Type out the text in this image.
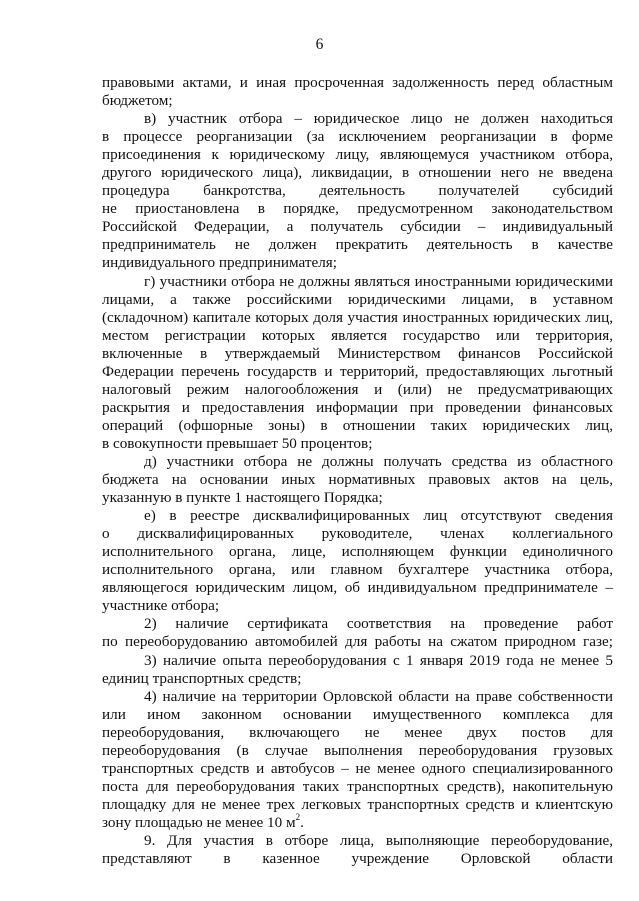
6
правовыми актами, и иная просроченная задолженность перед областным
бюджетом;
в) участник отбора – юридическое лицо не должен находиться
в процессе реорганизации (за исключением реорганизации в форме
присоединения к юридическому лицу, являющемуся участником отбора,
другого юридического лица), ликвидации, в отношении него не введена
процедура банкротства, деятельность получателей субсидий
не приостановлена в порядке, предусмотренном законодательством
Российской Федерации, а получатель субсидии – индивидуальный
предприниматель не должен прекратить деятельность в качестве
индивидуального предпринимателя;
г) участники отбора не должны являться иностранными юридическими
лицами, а также российскими юридическими лицами, в уставном
(складочном) капитале которых доля участия иностранных юридических лиц,
местом регистрации которых является государство или территория,
включенные в утверждаемый Министерством финансов Российской
Федерации перечень государств и территорий, предоставляющих льготный
налоговый режим налогообложения и (или) не предусматривающих
раскрытия и предоставления информации при проведении финансовых
операций (офшорные зоны) в отношении таких юридических лиц,
в совокупности превышает 50 процентов;
д) участники отбора не должны получать средства из областного
бюджета на основании иных нормативных правовых актов на цель,
указанную в пункте 1 настоящего Порядка;
е) в реестре дисквалифицированных лиц отсутствуют сведения
о дисквалифицированных руководителе, членах коллегиального
исполнительного органа, лице, исполняющем функции единоличного
исполнительного органа, или главном бухгалтере участника отбора,
являющегося юридическим лицом, об индивидуальном предпринимателе –
участнике отбора;
2) наличие сертификата соответствия на проведение работ
по переоборудованию автомобилей для работы на сжатом природном газе;
3) наличие опыта переоборудования с 1 января 2019 года не менее 5
единиц транспортных средств;
4) наличие на территории Орловской области на праве собственности
или ином законном основании имущественного комплекса для
переоборудования, включающего не менее двух постов для
переоборудования (в случае выполнения переоборудования грузовых
транспортных средств и автобусов – не менее одного специализированного
поста для переоборудования таких транспортных средств), накопительную
площадку для не менее трех легковых транспортных средств и клиентскую
зону площадью не менее 10 $м^2$.
9. Для участия в отборе лица, выполняющие переоборудование,
представляют в казенное учреждение Орловской области
